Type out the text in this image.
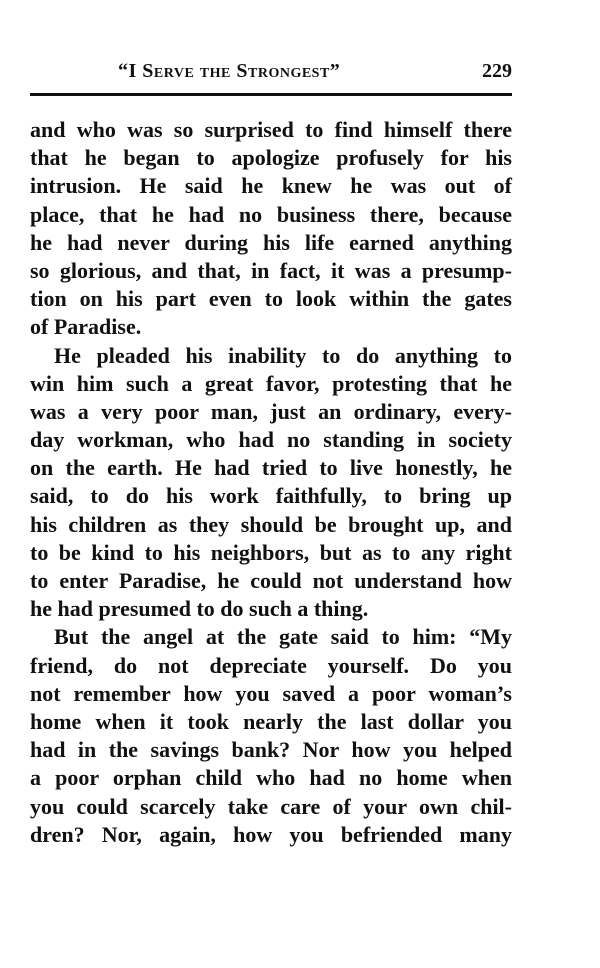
“I Serve the Strongest”	229
and who was so surprised to find himself there
that he began to apologize profusely for his
intrusion. He said he knew he was out of
place, that he had no business there, because
he had never during his life earned anything
so glorious, and that, in fact, it was a presump-
tion on his part even to look within the gates
of Paradise.
He pleaded his inability to do anything to
win him such a great favor, protesting that he
was a very poor man, just an ordinary, every-
day workman, who had no standing in society
on the earth. He had tried to live honestly, he
said, to do his work faithfully, to bring up
his children as they should be brought up, and
to be kind to his neighbors, but as to any right
to enter Paradise, he could not understand how
he had presumed to do such a thing.
But the angel at the gate said to him: “My
friend, do not depreciate yourself. Do you
not remember how you saved a poor woman’s
home when it took nearly the last dollar you
had in the savings bank? Nor how you helped
a poor orphan child who had no home when
you could scarcely take care of your own chil-
dren? Nor, again, how you befriended many
